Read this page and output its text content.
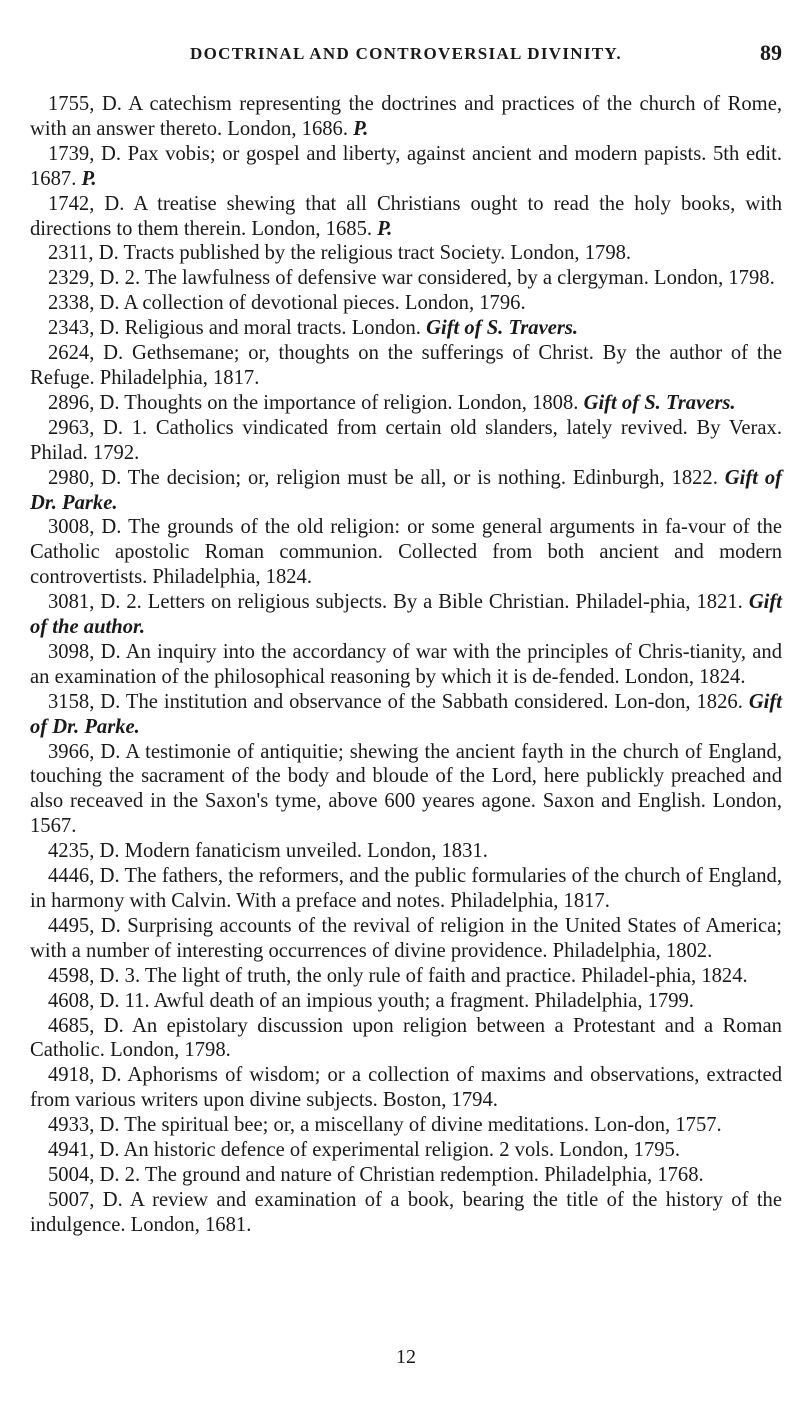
DOCTRINAL AND CONTROVERSIAL DIVINITY.	89

1755, D. A catechism representing the doctrines and practices of the church of Rome, with an answer thereto. London, 1686. P.

1739, D. Pax vobis; or gospel and liberty, against ancient and modern papists. 5th edit. 1687. P.

1742, D. A treatise shewing that all Christians ought to read the holy books, with directions to them therein. London, 1685. P.

2311, D. Tracts published by the religious tract Society. London, 1798.

2329, D. 2. The lawfulness of defensive war considered, by a clergyman. London, 1798.

2338, D. A collection of devotional pieces. London, 1796.

2343, D. Religious and moral tracts. London. Gift of S. Travers.

2624, D. Gethsemane; or, thoughts on the sufferings of Christ. By the author of the Refuge. Philadelphia, 1817.

2896, D. Thoughts on the importance of religion. London, 1808. Gift of S. Travers.

2963, D. 1. Catholics vindicated from certain old slanders, lately revived. By Verax. Philad. 1792.

2980, D. The decision; or, religion must be all, or is nothing. Edinburgh, 1822. Gift of Dr. Parke.

3008, D. The grounds of the old religion: or some general arguments in fa-vour of the Catholic apostolic Roman communion. Collected from both ancient and modern controvertists. Philadelphia, 1824.

3081, D. 2. Letters on religious subjects. By a Bible Christian. Philadel-phia, 1821. Gift of the author.

3098, D. An inquiry into the accordancy of war with the principles of Chris-tianity, and an examination of the philosophical reasoning by which it is de-fended. London, 1824.

3158, D. The institution and observance of the Sabbath considered. Lon-don, 1826. Gift of Dr. Parke.

3966, D. A testimonie of antiquitie; shewing the ancient fayth in the church of England, touching the sacrament of the body and bloude of the Lord, here publickly preached and also receaved in the Saxon's tyme, above 600 yeares agone. Saxon and English. London, 1567.

4235, D. Modern fanaticism unveiled. London, 1831.

4446, D. The fathers, the reformers, and the public formularies of the church of England, in harmony with Calvin. With a preface and notes. Philadelphia, 1817.

4495, D. Surprising accounts of the revival of religion in the United States of America; with a number of interesting occurrences of divine providence. Philadelphia, 1802.

4598, D. 3. The light of truth, the only rule of faith and practice. Philadel-phia, 1824.

4608, D. 11. Awful death of an impious youth; a fragment. Philadelphia, 1799.

4685, D. An epistolary discussion upon religion between a Protestant and a Roman Catholic. London, 1798.

4918, D. Aphorisms of wisdom; or a collection of maxims and observations, extracted from various writers upon divine subjects. Boston, 1794.

4933, D. The spiritual bee; or, a miscellany of divine meditations. Lon-don, 1757.

4941, D. An historic defence of experimental religion. 2 vols. London, 1795.

5004, D. 2. The ground and nature of Christian redemption. Philadelphia, 1768.

5007, D. A review and examination of a book, bearing the title of the history of the indulgence. London, 1681.

12
